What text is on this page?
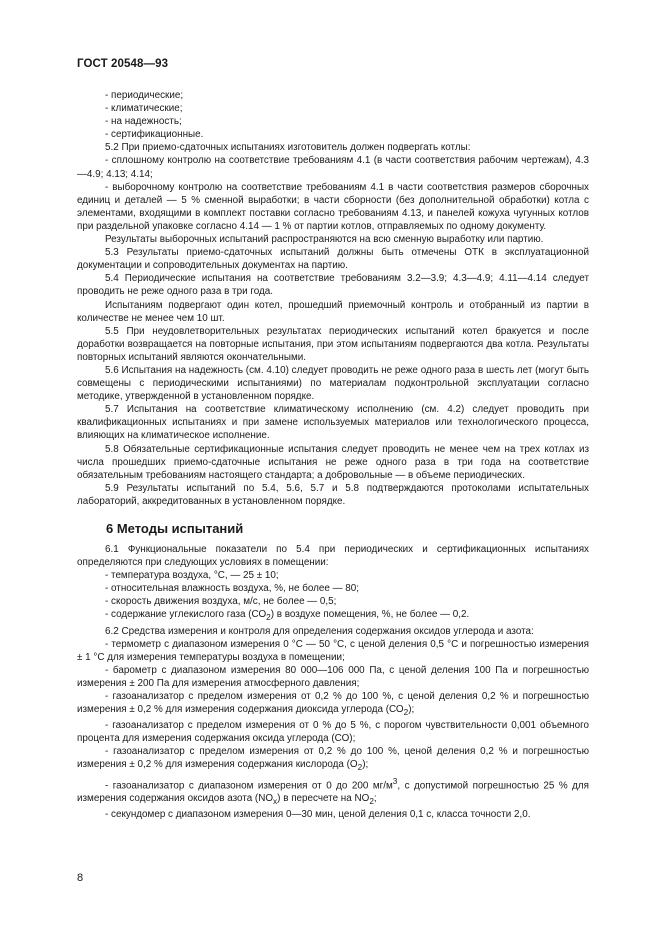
ГОСТ 20548—93

- периодические;

- климатические;

- на надежность;

- сертификационные.

5.2 При приемо-сдаточных испытаниях изготовитель должен подвергать котлы:

- сплошному контролю на соответствие требованиям 4.1 (в части соответствия рабочим чертежам), 4.3—4.9; 4.13; 4.14;

- выборочному контролю на соответствие требованиям 4.1 в части соответствия размеров сборочных единиц и деталей — 5 % сменной выработки; в части сборности (без дополнительной обработки) котла с элементами, входящими в комплект поставки согласно требованиям 4.13, и панелей кожуха чугунных котлов при раздельной упаковке согласно 4.14 — 1 % от партии котлов, отправляемых по одному документу.

Результаты выборочных испытаний распространяются на всю сменную выработку или партию.

5.3 Результаты приемо-сдаточных испытаний должны быть отмечены ОТК в эксплуатационной документации и сопроводительных документах на партию.

5.4 Периодические испытания на соответствие требованиям 3.2—3.9; 4.3—4.9; 4.11—4.14 следует проводить не реже одного раза в три года.

Испытаниям подвергают один котел, прошедший приемочный контроль и отобранный из партии в количестве не менее чем 10 шт.

5.5 При неудовлетворительных результатах периодических испытаний котел бракуется и после доработки возвращается на повторные испытания, при этом испытаниям подвергаются два котла. Результаты повторных испытаний являются окончательными.

5.6 Испытания на надежность (см. 4.10) следует проводить не реже одного раза в шесть лет (могут быть совмещены с периодическими испытаниями) по материалам подконтрольной эксплуатации согласно методике, утвержденной в установленном порядке.

5.7 Испытания на соответствие климатическому исполнению (см. 4.2) следует проводить при квалификационных испытаниях и при замене используемых материалов или технологического процесса, влияющих на климатическое исполнение.

5.8 Обязательные сертификационные испытания следует проводить не менее чем на трех котлах из числа прошедших приемо-сдаточные испытания не реже одного раза в три года на соответствие обязательным требованиям настоящего стандарта; а добровольные — в объеме периодических.

5.9 Результаты испытаний по 5.4, 5.6, 5.7 и 5.8 подтверждаются протоколами испытательных лабораторий, аккредитованных в установленном порядке.

6 Методы испытаний

6.1 Функциональные показатели по 5.4 при периодических и сертификационных испытаниях определяются при следующих условиях в помещении:

- температура воздуха, °С, — 25 ± 10;

- относительная влажность воздуха, %, не более — 80;

- скорость движения воздуха, м/с, не более — 0,5;

- содержание углекислого газа $(СО_2)$ в воздухе помещения, %, не более — 0,2.

6.2 Средства измерения и контроля для определения содержания оксидов углерода и азота:

- термометр с диапазоном измерения 0 °С — 50 °С, с ценой деления 0,5 °С и погрешностью измерения ± 1 °С для измерения температуры воздуха в помещении;

- барометр с диапазоном измерения 80 000—106 000 Па, с ценой деления 100 Па и погрешностью измерения ± 200 Па для измерения атмосферного давления;

- газоанализатор с пределом измерения от 0,2 % до 100 %, с ценой деления 0,2 % и погрешностью измерения ± 0,2 % для измерения содержания диоксида углерода $(СО_2)$;

- газоанализатор с пределом измерения от 0 % до 5 %, с порогом чувствительности 0,001 объемного процента для измерения содержания оксида углерода (СО);

- газоанализатор с пределом измерения от 0,2 % до 100 %, ценой деления 0,2 % и погрешностью измерения ± 0,2 % для измерения содержания кислорода $(О_2)$;

- газоанализатор с диапазоном измерения от 0 до 200 $мг/м^3$, с допустимой погрешностью 25 % для измерения содержания оксидов азота $(NO_x)$ в пересчете на $NO_2$;

- секундомер с диапазоном измерения 0—30 мин, ценой деления 0,1 с, класса точности 2,0.

8
